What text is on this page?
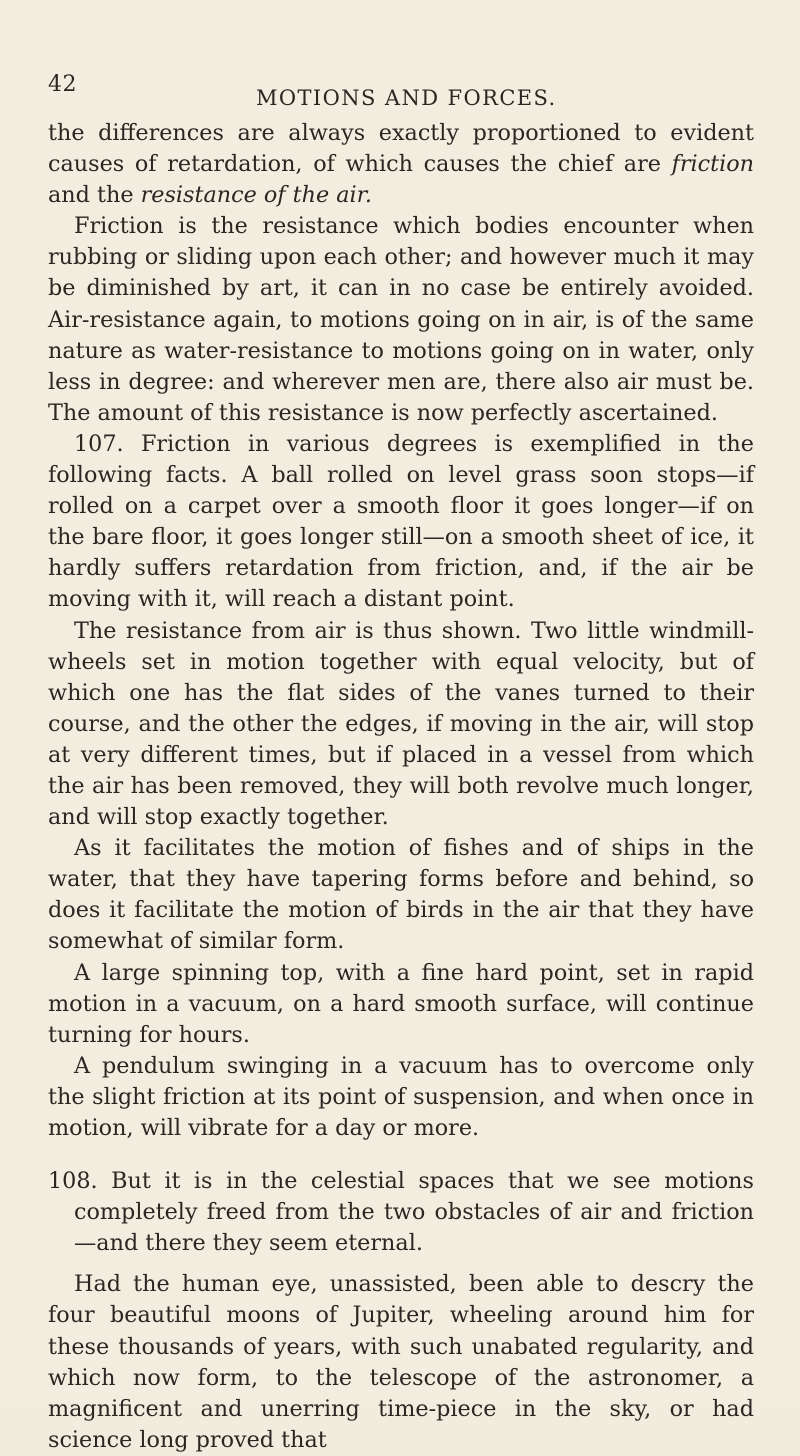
42
MOTIONS AND FORCES.

the differences are always exactly proportioned to evident causes of retardation, of which causes the chief are friction and the resistance of the air.

Friction is the resistance which bodies encounter when rubbing or sliding upon each other; and however much it may be diminished by art, it can in no case be entirely avoided. Air-resistance again, to motions going on in air, is of the same nature as water-resistance to motions going on in water, only less in degree: and wherever men are, there also air must be. The amount of this resistance is now perfectly ascertained.

107. Friction in various degrees is exemplified in the following facts. A ball rolled on level grass soon stops—if rolled on a carpet over a smooth floor it goes longer—if on the bare floor, it goes longer still—on a smooth sheet of ice, it hardly suffers retardation from friction, and, if the air be moving with it, will reach a distant point.

The resistance from air is thus shown. Two little windmill-wheels set in motion together with equal velocity, but of which one has the flat sides of the vanes turned to their course, and the other the edges, if moving in the air, will stop at very different times, but if placed in a vessel from which the air has been removed, they will both revolve much longer, and will stop exactly together.

As it facilitates the motion of fishes and of ships in the water, that they have tapering forms before and behind, so does it facilitate the motion of birds in the air that they have somewhat of similar form.

A large spinning top, with a fine hard point, set in rapid motion in a vacuum, on a hard smooth surface, will continue turning for hours.

A pendulum swinging in a vacuum has to overcome only the slight friction at its point of suspension, and when once in motion, will vibrate for a day or more.

108. But it is in the celestial spaces that we see motions completely freed from the two obstacles of air and friction—and there they seem eternal.

Had the human eye, unassisted, been able to descry the four beautiful moons of Jupiter, wheeling around him for these thousands of years, with such unabated regularity, and which now form, to the telescope of the astronomer, a magnificent and unerring time-piece in the sky, or had science long proved that
